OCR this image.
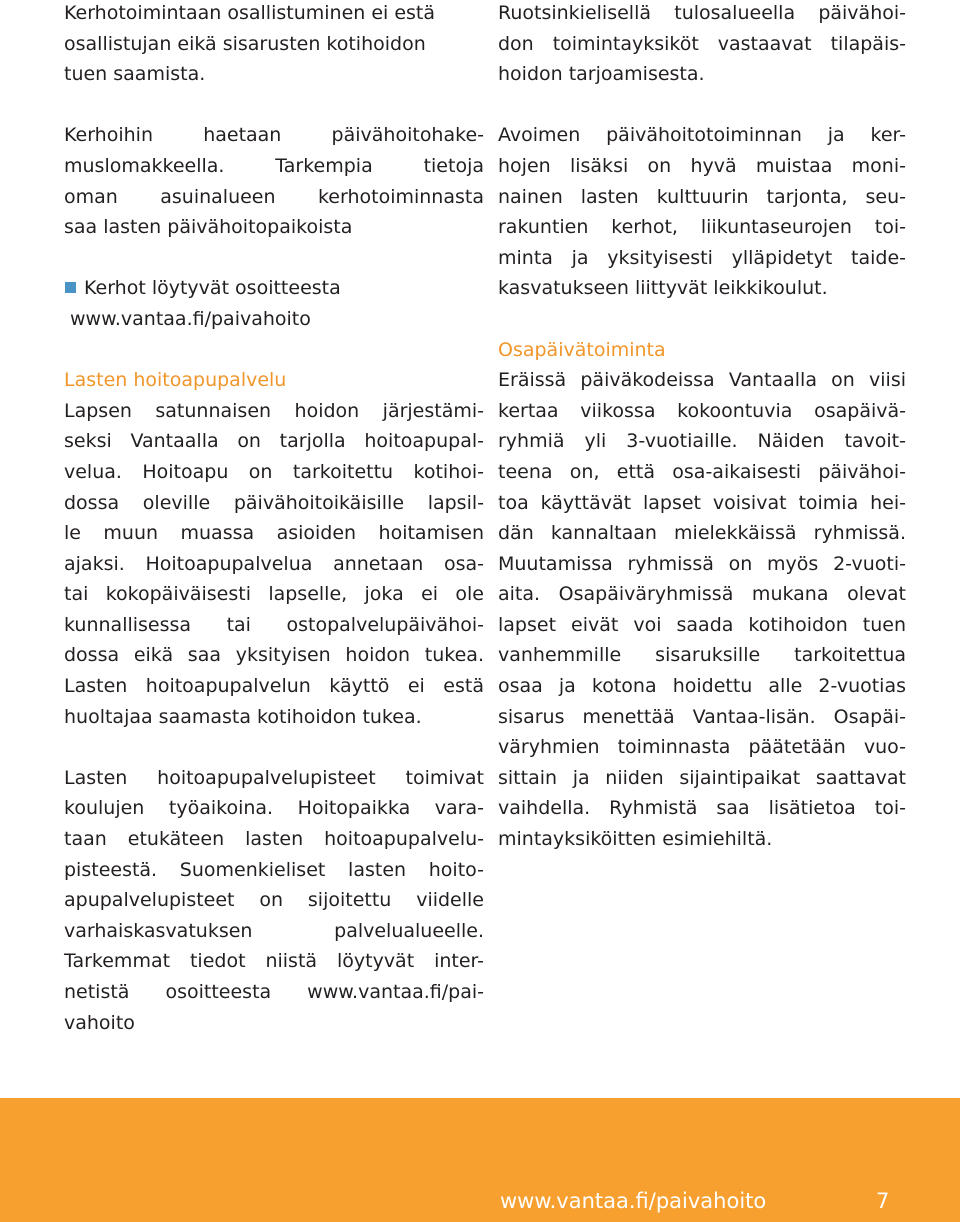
Kerhotoimintaan osallistuminen ei estä
osallistujan eikä sisarusten kotihoidon
tuen saamista.
Kerhoihin haetaan päivähoitohake-
muslomakkeella. Tarkempia tietoja
oman asuinalueen kerhotoiminnasta
saa lasten päivähoitopaikoista
Kerhot löytyvät osoitteesta
www.vantaa.fi/paivahoito
Lasten hoitoapupalvelu
Lapsen satunnaisen hoidon järjestämi-
seksi Vantaalla on tarjolla hoitoapupal-
velua. Hoitoapu on tarkoitettu kotihoi-
dossa oleville päivähoitoikäisille lapsil-
le muun muassa asioiden hoitamisen
ajaksi. Hoitoapupalvelua annetaan osa-
tai kokopäiväisesti lapselle, joka ei ole
kunnallisessa tai ostopalvelupäivähoi-
dossa eikä saa yksityisen hoidon tukea.
Lasten hoitoapupalvelun käyttö ei estä
huoltajaa saamasta kotihoidon tukea.
Lasten hoitoapupalvelupisteet toimivat
koulujen työaikoina. Hoitopaikka vara-
taan etukäteen lasten hoitoapupalvelu-
pisteestä. Suomenkieliset lasten hoito-
apupalvelupisteet on sijoitettu viidelle
varhaiskasvatuksen palvelualueelle.
Tarkemmat tiedot niistä löytyvät inter-
netistä osoitteesta www.vantaa.fi/pai-
vahoito
Ruotsinkielisellä tulosalueella päivähoi-
don toimintayksiköt vastaavat tilapäis-
hoidon tarjoamisesta.
Avoimen päivähoitotoiminnan ja ker-
hojen lisäksi on hyvä muistaa moni-
nainen lasten kulttuurin tarjonta, seu-
rakuntien kerhot, liikuntaseurojen toi-
minta ja yksityisesti ylläpidetyt taide-
kasvatukseen liittyvät leikkikoulut.
Osapäivätoiminta
Eräissä päiväkodeissa Vantaalla on viisi
kertaa viikossa kokoontuvia osapäivä-
ryhmiä yli 3-vuotiaille. Näiden tavoit-
teena on, että osa-aikaisesti päivähoi-
toa käyttävät lapset voisivat toimia hei-
dän kannaltaan mielekkäissä ryhmissä.
Muutamissa ryhmissä on myös 2-vuoti-
aita. Osapäiväryhmissä mukana olevat
lapset eivät voi saada kotihoidon tuen
vanhemmille sisaruksille tarkoitettua
osaa ja kotona hoidettu alle 2-vuotias
sisarus menettää Vantaa-lisän. Osapäi-
väryhmien toiminnasta päätetään vuo-
sittain ja niiden sijaintipaikat saattavat
vaihdella. Ryhmistä saa lisätietoa toi-
mintayksiköitten esimiehiltä.
www.vantaa.fi/paivahoito	7
